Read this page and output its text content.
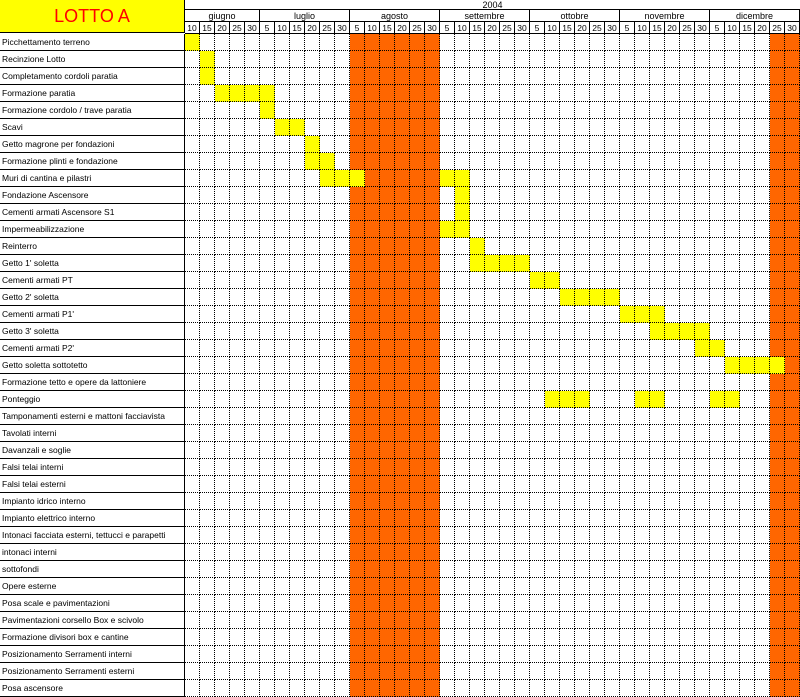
LOTTO A
2004
giugno
10 15 20 25 30
luglio
5 10 15 20 25 30
agosto
5 10 15 20 25 30
settembre
5 10 15 20 25 30
ottobre
5 10 15 20 25 30
novembre
5 10 15 20 25 30
dicembre
5 10 15 20 25 30
Picchettamento terreno
Recinzione Lotto
Completamento cordoli paratia
Formazione paratia
Formazione cordolo / trave paratia
Scavi
Getto magrone per fondazioni
Formazione plinti e fondazione
Muri di cantina e pilastri
Fondazione Ascensore
Cementi armati Ascensore S1
Impermeabilizzazione
Reinterro
Getto 1' soletta
Cementi armati PT
Getto 2' soletta
Cementi armati P1'
Getto 3' soletta
Cementi armati P2'
Getto soletta sottotetto
Formazione tetto e opere da lattoniere
Ponteggio
Tamponamenti esterni e mattoni facciavista
Tavolati interni
Davanzali e soglie
Falsi telai interni
Falsi telai esterni
Impianto idrico interno
Impianto elettrico interno
Intonaci facciata esterni, tettucci e parapetti
intonaci interni
sottofondi
Opere esterne
Posa scale e pavimentazioni
Pavimentazioni corsello Box e scivolo
Formazione divisori box e cantine
Posizionamento Serramenti interni
Posizionamento Serramenti esterni
Posa ascensore
